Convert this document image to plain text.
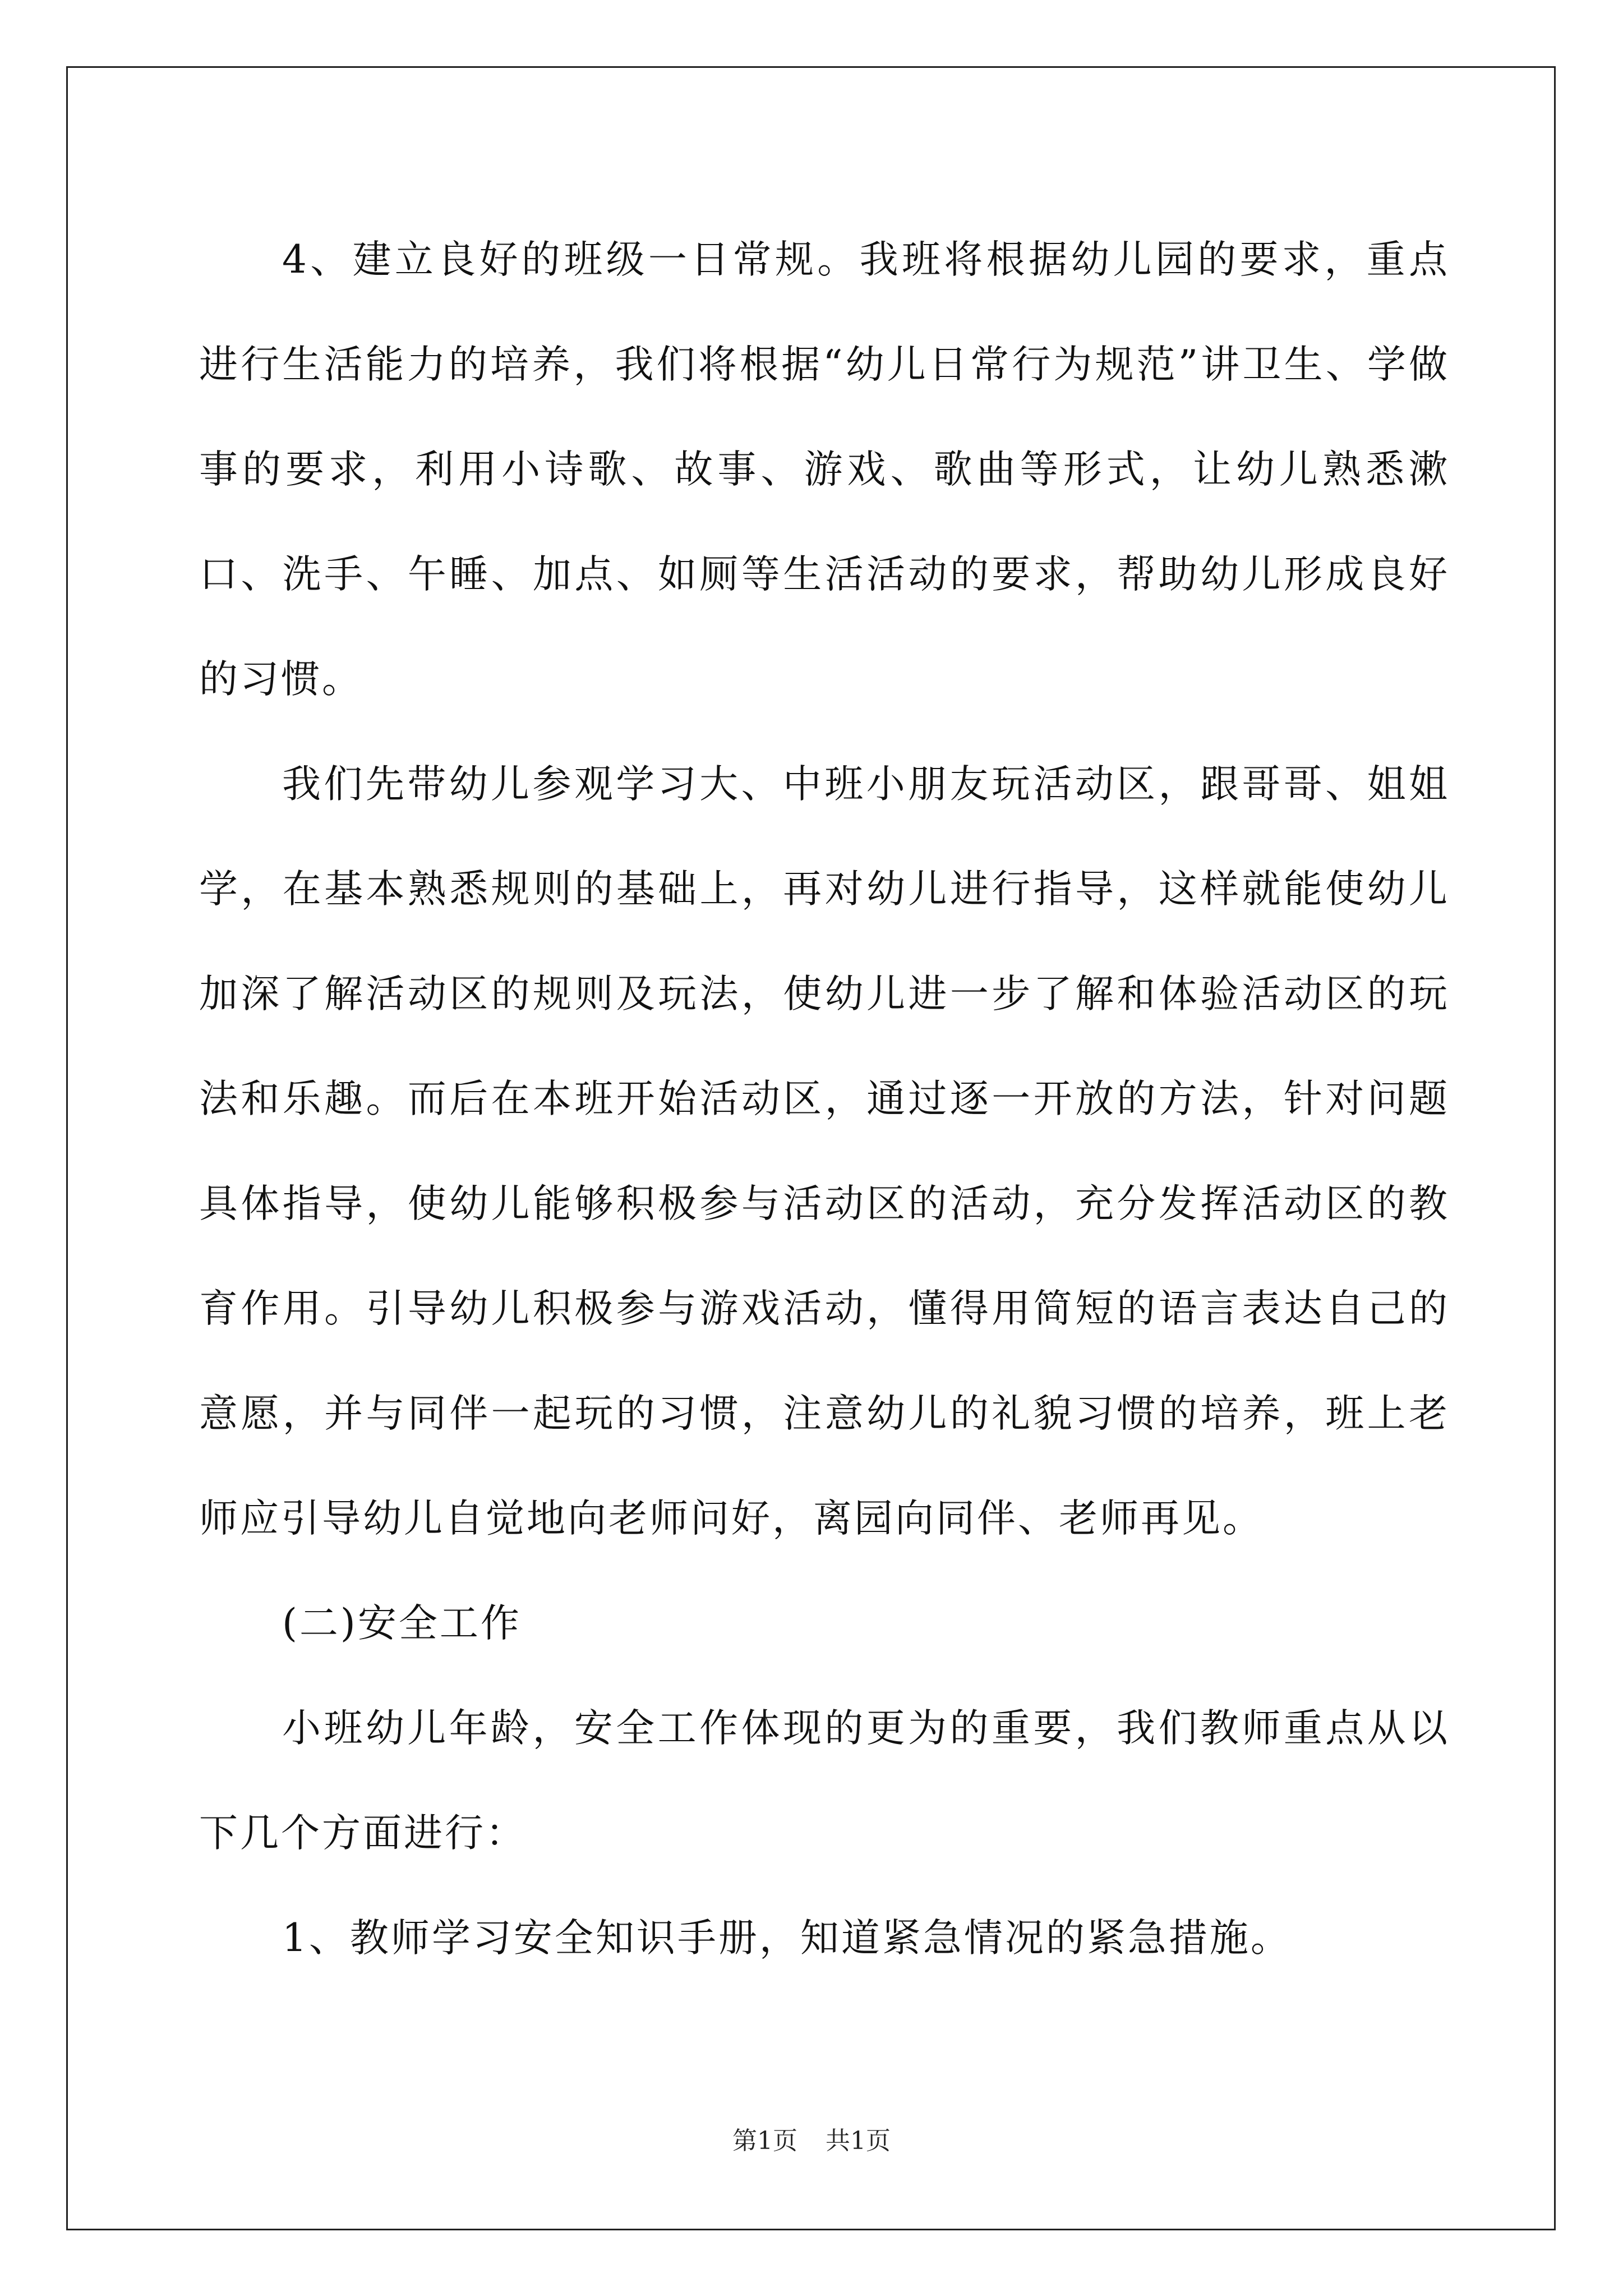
4、建立良好的班级一日常规。我班将根据幼儿园的要求，重点进行生活能力的培养，我们将根据“幼儿日常行为规范”讲卫生、学做事的要求，利用小诗歌、故事、游戏、歌曲等形式，让幼儿熟悉漱口、洗手、午睡、加点、如厕等生活活动的要求，帮助幼儿形成良好的习惯。

我们先带幼儿参观学习大、中班小朋友玩活动区，跟哥哥、姐姐学，在基本熟悉规则的基础上，再对幼儿进行指导，这样就能使幼儿加深了解活动区的规则及玩法，使幼儿进一步了解和体验活动区的玩法和乐趣。而后在本班开始活动区，通过逐一开放的方法，针对问题具体指导，使幼儿能够积极参与活动区的活动，充分发挥活动区的教育作用。引导幼儿积极参与游戏活动，懂得用简短的语言表达自己的意愿，并与同伴一起玩的习惯，注意幼儿的礼貌习惯的培养，班上老师应引导幼儿自觉地向老师问好，离园向同伴、老师再见。

(二)安全工作

小班幼儿年龄，安全工作体现的更为的重要，我们教师重点从以下几个方面进行：

1、教师学习安全知识手册，知道紧急情况的紧急措施。

第1页 共1页
